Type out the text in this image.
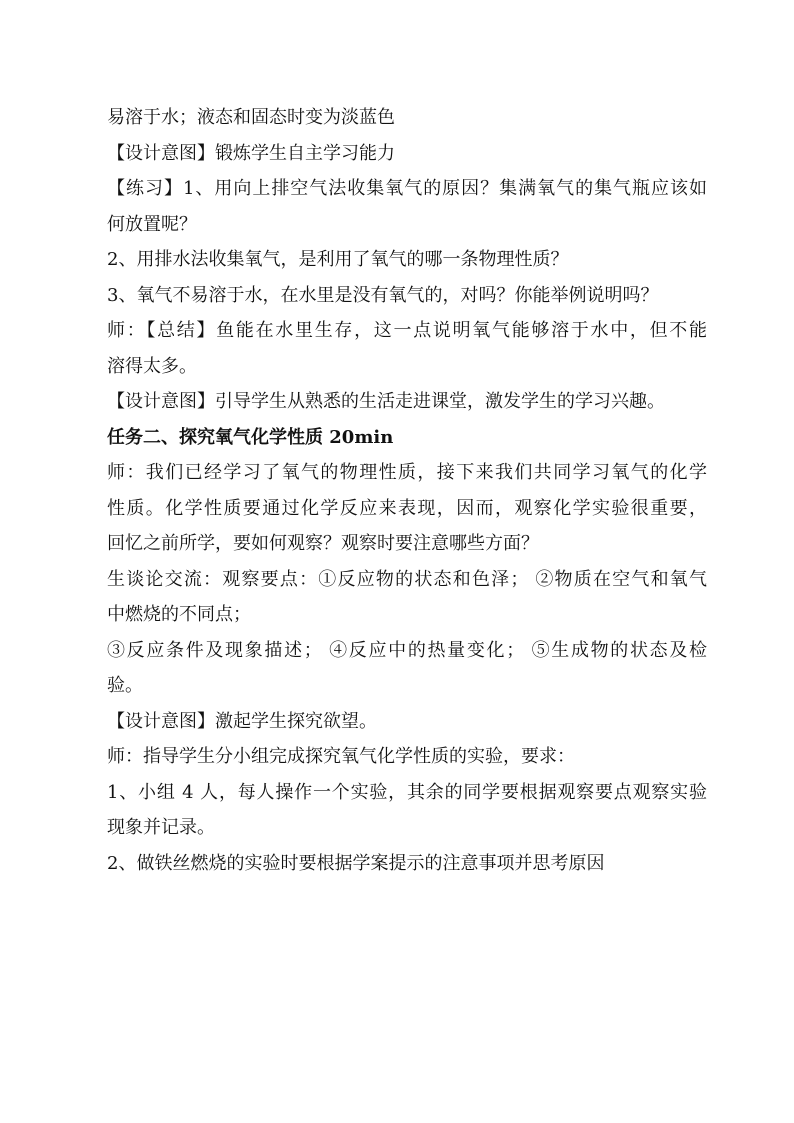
易溶于水；液态和固态时变为淡蓝色
【设计意图】锻炼学生自主学习能力
【练习】1、用向上排空气法收集氧气的原因？集满氧气的集气瓶应该如
何放置呢？
2、用排水法收集氧气，是利用了氧气的哪一条物理性质？
3、氧气不易溶于水，在水里是没有氧气的，对吗？你能举例说明吗？
师：【总结】鱼能在水里生存，这一点说明氧气能够溶于水中，但不能
溶得太多。
【设计意图】引导学生从熟悉的生活走进课堂，激发学生的学习兴趣。
任务二、探究氧气化学性质 20min
师：我们已经学习了氧气的物理性质，接下来我们共同学习氧气的化学
性质。化学性质要通过化学反应来表现，因而，观察化学实验很重要，
回忆之前所学，要如何观察？观察时要注意哪些方面？
生谈论交流：观察要点：①反应物的状态和色泽； ②物质在空气和氧气
中燃烧的不同点；
③反应条件及现象描述； ④反应中的热量变化； ⑤生成物的状态及检
验。
【设计意图】激起学生探究欲望。
师：指导学生分小组完成探究氧气化学性质的实验，要求：
1、小组 4 人，每人操作一个实验，其余的同学要根据观察要点观察实验
现象并记录。
2、做铁丝燃烧的实验时要根据学案提示的注意事项并思考原因
